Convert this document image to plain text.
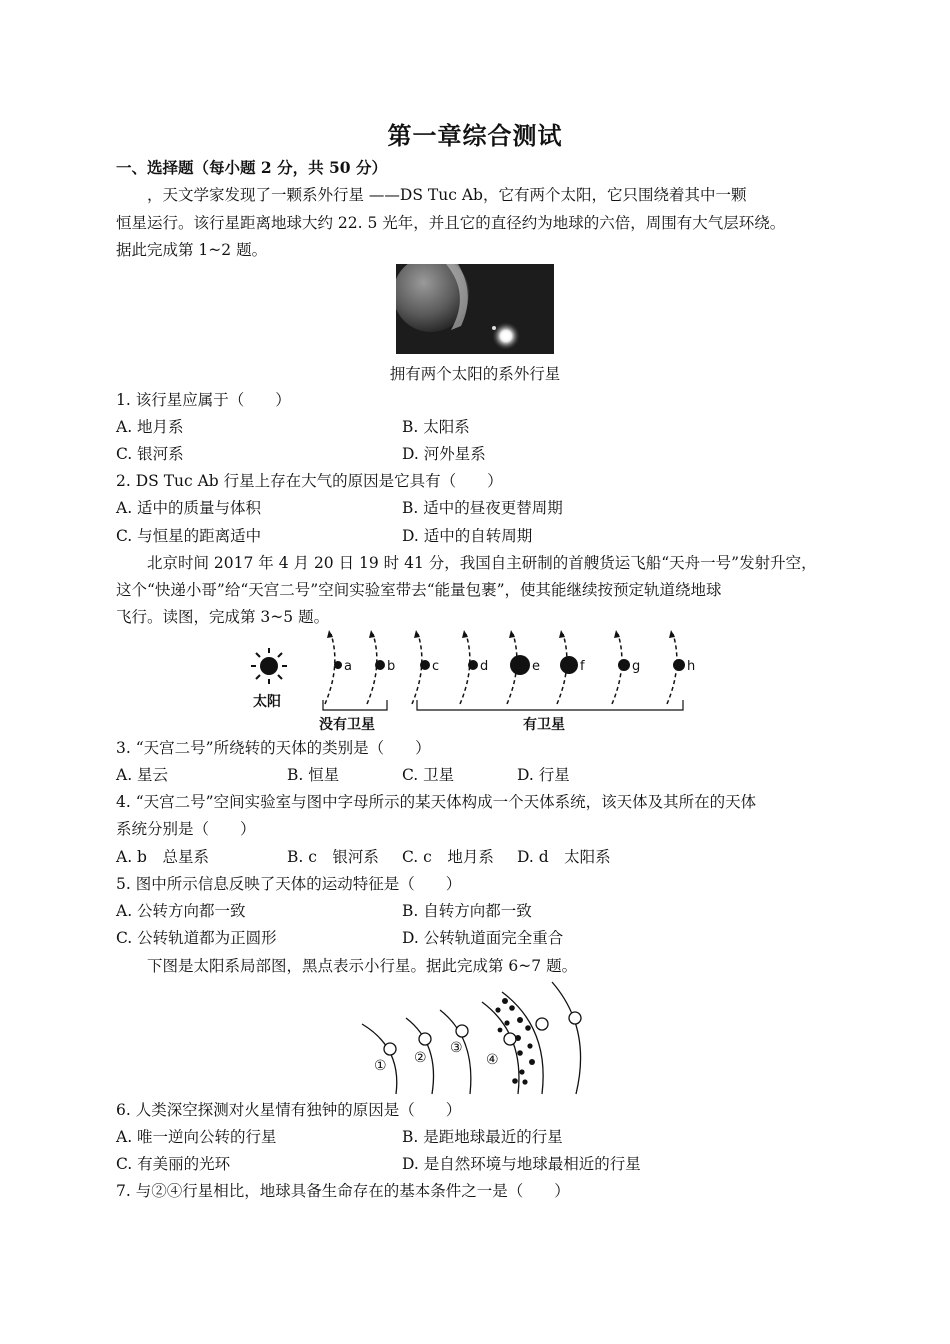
第一章综合测试
一、选择题（每小题 2 分，共 50 分）
，天文学家发现了一颗系外行星 ——DS Tuc Ab，它有两个太阳，它只围绕着其中一颗
恒星运行。该行星距离地球大约 22. 5 光年，并且它的直径约为地球的六倍，周围有大气层环绕。
据此完成第 1~2 题。
拥有两个太阳的系外行星
1. 该行星应属于（　　）
A. 地月系	B. 太阳系
C. 银河系	D. 河外星系
2. DS Tuc Ab 行星上存在大气的原因是它具有（　　）
A. 适中的质量与体积	B. 适中的昼夜更替周期
C. 与恒星的距离适中	D. 适中的自转周期
北京时间 2017 年 4 月 20 日 19 时 41 分，我国自主研制的首艘货运飞船“天舟一号”发射升空，
这个“快递小哥”给“天宫二号”空间实验室带去“能量包裹”，使其能继续按预定轨道绕地球
飞行。读图，完成第 3~5 题。
太阳
a	b	c	d	e	f	g	h
没有卫星	有卫星
3. “天宫二号”所绕转的天体的类别是（　　）
A. 星云	B. 恒星	C. 卫星	D. 行星
4. “天宫二号”空间实验室与图中字母所示的某天体构成一个天体系统，该天体及其所在的天体
系统分别是（　　）
A. b　总星系	B. c　银河系 C. c　地月系 D. d　太阳系
5. 图中所示信息反映了天体的运动特征是（　　）
A. 公转方向都一致	B. 自转方向都一致
C. 公转轨道都为正圆形	D. 公转轨道面完全重合
下图是太阳系局部图，黑点表示小行星。据此完成第 6~7 题。
① ②
③
④
6. 人类深空探测对火星情有独钟的原因是（　　）
A. 唯一逆向公转的行星	B. 是距地球最近的行星
C. 有美丽的光环	D. 是自然环境与地球最相近的行星
7. 与②④行星相比，地球具备生命存在的基本条件之一是（　　）
